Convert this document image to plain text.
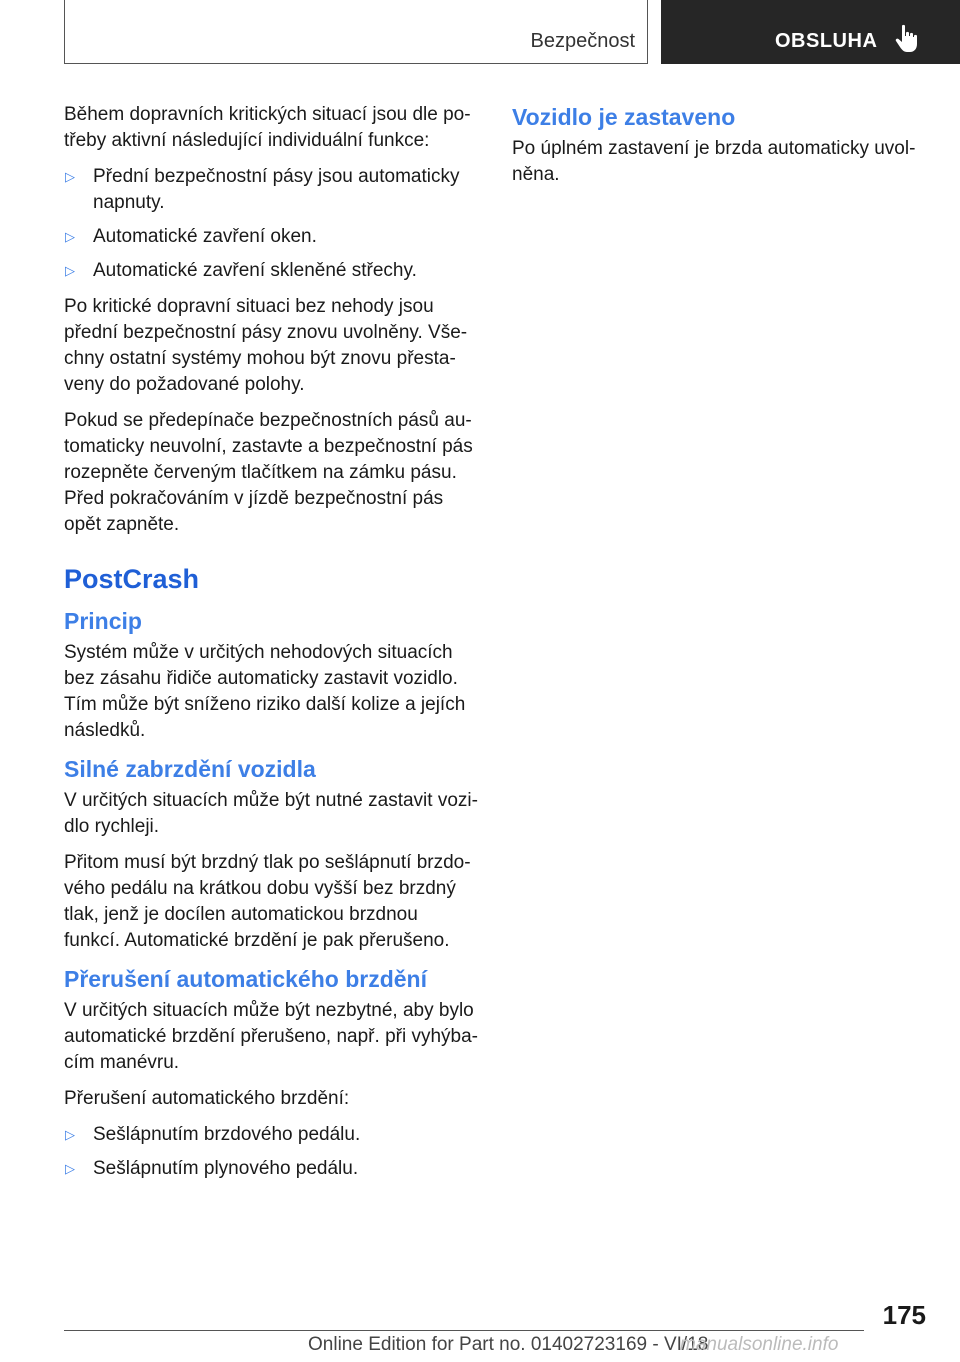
Bezpečnost	OBSLUHA

Během dopravních kritických situací jsou dle po-třeby aktivní následující individuální funkce:

▷ Přední bezpečnostní pásy jsou automaticky napnuty.
▷ Automatické zavření oken.
▷ Automatické zavření skleněné střechy.

Po kritické dopravní situaci bez nehody jsou přední bezpečnostní pásy znovu uvolněny. Vše-chny ostatní systémy mohou být znovu přesta-veny do požadované polohy.

Pokud se předepínače bezpečnostních pásů au-tomaticky neuvolní, zastavte a bezpečnostní pás rozepněte červeným tlačítkem na zámku pásu. Před pokračováním v jízdě bezpečnostní pás opět zapněte.

PostCrash
Princip

Systém může v určitých nehodových situacích bez zásahu řidiče automaticky zastavit vozidlo. Tím může být sníženo riziko další kolize a jejích následků.

Silné zabrzdění vozidla

V určitých situacích může být nutné zastavit vozi-dlo rychleji.

Přitom musí být brzdný tlak po sešlápnutí brzdo-vého pedálu na krátkou dobu vyšší bez brzdný tlak, jenž je docílen automatickou brzdnou funkcí. Automatické brzdění je pak přerušeno.

Přerušení automatického brzdění

V určitých situacích může být nezbytné, aby bylo automatické brzdění přerušeno, např. při vyhýba-cím manévru.

Přerušení automatického brzdění:

▷ Sešlápnutím brzdového pedálu.
▷ Sešlápnutím plynového pedálu.
Vozidlo je zastaveno

Po úplném zastavení je brzda automaticky uvol-něna.

175
Online Edition for Part no. 01402723169 - VI/18
manualsonline.info
